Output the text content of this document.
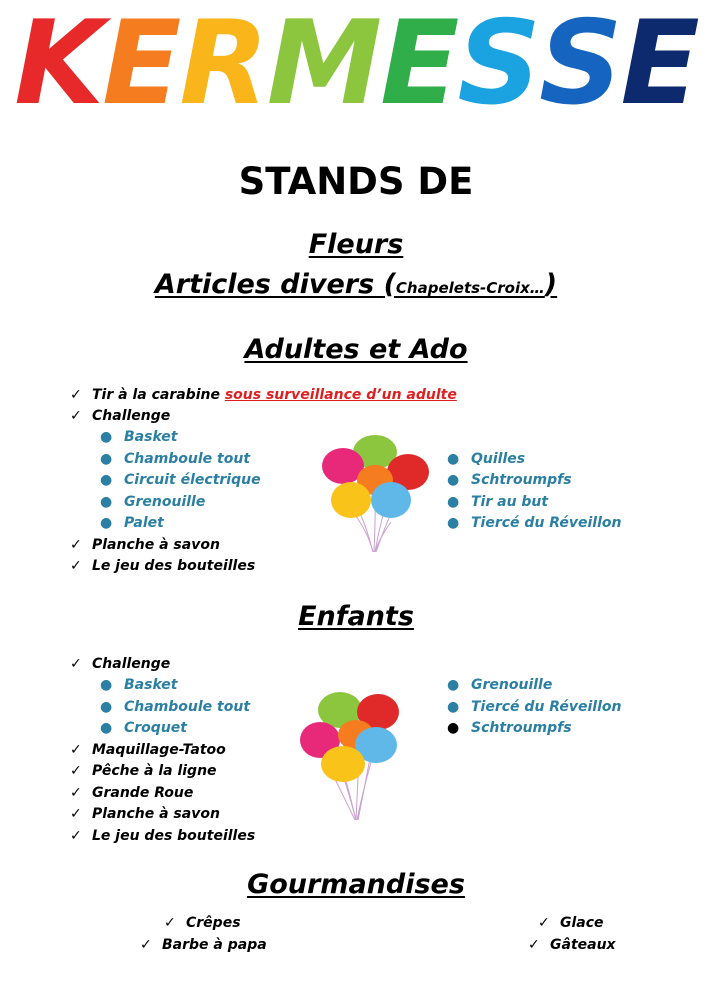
KERMESSE
STANDS DE
Fleurs
Articles divers (Chapelets-Croix…)
Adultes et Ado
✓ Tir à la carabine sous surveillance d’un adulte
✓ Challenge
● Basket
● Chamboule tout
● Circuit électrique
● Grenouille
● Palet
● Quilles
● Schtroumpfs
● Tir au but
● Tiercé du Réveillon
✓ Planche à savon
✓ Le jeu des bouteilles
Enfants
✓ Challenge
● Basket
● Chamboule tout
● Croquet
● Grenouille
● Tiercé du Réveillon
● Schtroumpfs
✓ Maquillage-Tatoo
✓ Pêche à la ligne
✓ Grande Roue
✓ Planche à savon
✓ Le jeu des bouteilles
Gourmandises
✓ Crêpes
✓ Barbe à papa
✓ Glace
✓ Gâteaux
